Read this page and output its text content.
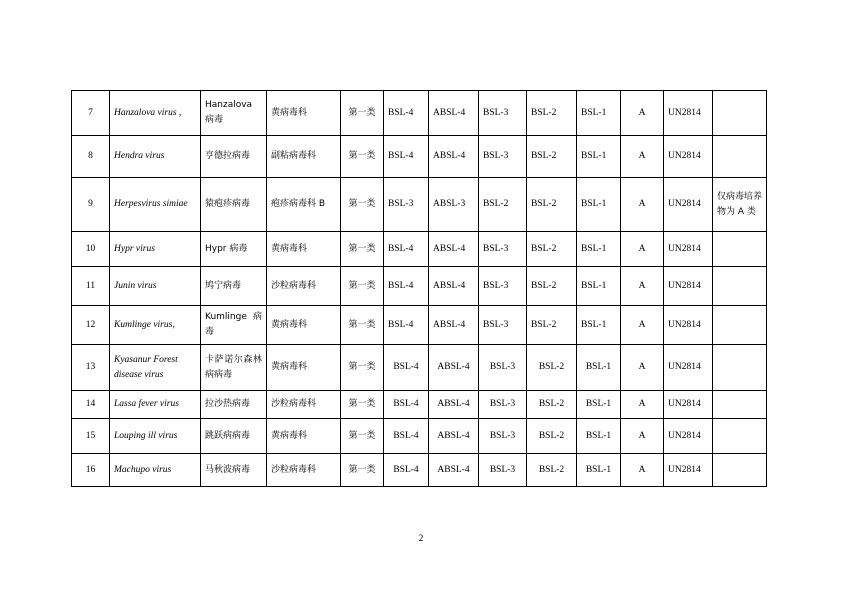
7	Hanzalova virus ,	Hanzalova 病毒	黄病毒科	第一类	BSL-4	ABSL-4	BSL-3	BSL-2	BSL-1	A	UN2814	
8	Hendra virus	亨德拉病毒	副粘病毒科	第一类	BSL-4	ABSL-4	BSL-3	BSL-2	BSL-1	A	UN2814	
9	Herpesvirus simiae	猿疱疹病毒	疱疹病毒科 B	第一类	BSL-3	ABSL-3	BSL-2	BSL-2	BSL-1	A	UN2814	仅病毒培养物为 A 类
10	Hypr virus	Hypr 病毒	黄病毒科	第一类	BSL-4	ABSL-4	BSL-3	BSL-2	BSL-1	A	UN2814	
11	Junin virus	鸠宁病毒	沙粒病毒科	第一类	BSL-4	ABSL-4	BSL-3	BSL-2	BSL-1	A	UN2814	
12	Kumlinge virus,	Kumlinge 病毒	黄病毒科	第一类	BSL-4	ABSL-4	BSL-3	BSL-2	BSL-1	A	UN2814	
13	Kyasanur Forest disease virus	卡萨诺尔森林病病毒	黄病毒科	第一类	BSL-4	ABSL-4	BSL-3	BSL-2	BSL-1	A	UN2814	
14	Lassa fever virus	拉沙热病毒	沙粒病毒科	第一类	BSL-4	ABSL-4	BSL-3	BSL-2	BSL-1	A	UN2814	
15	Louping ill virus	跳跃病病毒	黄病毒科	第一类	BSL-4	ABSL-4	BSL-3	BSL-2	BSL-1	A	UN2814	
16	Machupo virus	马秋波病毒	沙粒病毒科	第一类	BSL-4	ABSL-4	BSL-3	BSL-2	BSL-1	A	UN2814	
2
